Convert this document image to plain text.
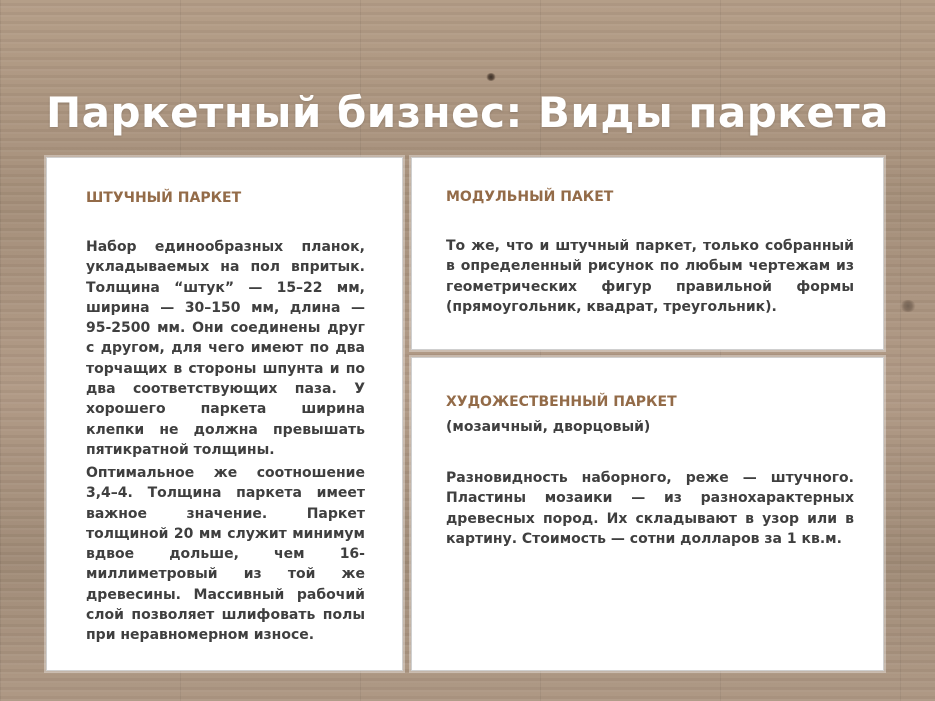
Паркетный бизнес: Виды паркета
ШТУЧНЫЙ ПАРКЕТ

Набор единообразных планок, укладываемых на пол впритык. Толщина “штук” — 15–22 мм, ширина — 30–150 мм, длина — 95-2500 мм. Они соединены друг с другом, для чего имеют по два торчащих в стороны шпунта и по два соответствующих паза. У хорошего паркета ширина клепки не должна превышать пятикратной толщины.

Оптимальное же соотношение 3,4–4. Толщина паркета имеет важное значение. Паркет толщиной 20 мм служит минимум вдвое дольше, чем 16-миллиметровый из той же древесины. Массивный рабочий слой позволяет шлифовать полы при неравномерном износе.

МОДУЛЬНЫЙ ПАКЕТ

То же, что и штучный паркет, только собранный в определенный рисунок по любым чертежам из геометрических фигур правильной формы (прямоугольник, квадрат, треугольник).

ХУДОЖЕСТВЕННЫЙ ПАРКЕТ

(мозаичный, дворцовый)

Разновидность наборного, реже — штучного. Пластины мозаики — из разнохарактерных древесных пород. Их складывают в узор или в картину. Стоимость — сотни долларов за 1 кв.м.
